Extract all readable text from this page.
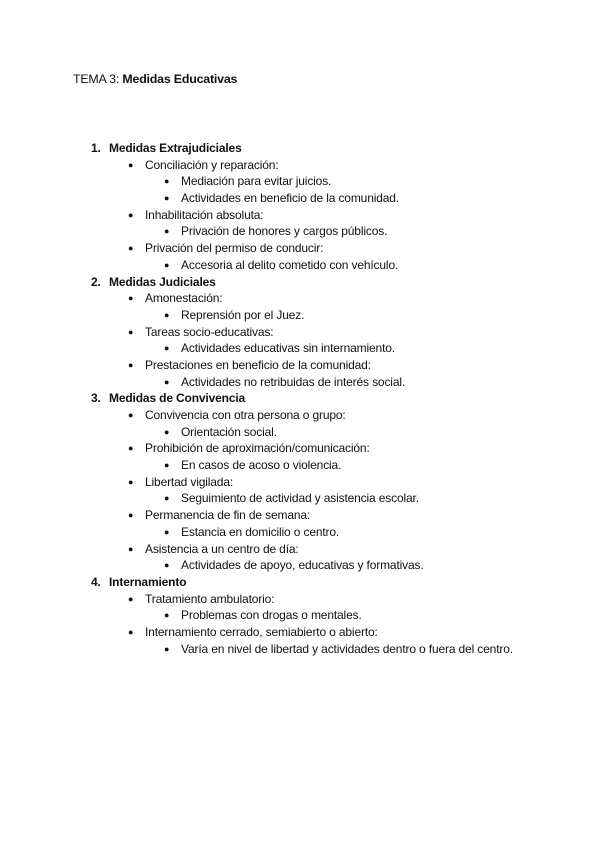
TEMA 3: Medidas Educativas
1. Medidas Extrajudiciales
● Conciliación y reparación:
● Mediación para evitar juicios.
● Actividades en beneficio de la comunidad.
● Inhabilitación absoluta:
● Privación de honores y cargos públicos.
● Privación del permiso de conducir:
● Accesoria al delito cometido con vehículo.
2. Medidas Judiciales
● Amonestación:
● Reprensión por el Juez.
● Tareas socio-educativas:
● Actividades educativas sin internamiento.
● Prestaciones en beneficio de la comunidad:
● Actividades no retribuidas de interés social.
3. Medidas de Convivencia
● Convivencia con otra persona o grupo:
● Orientación social.
● Prohibición de aproximación/comunicación:
● En casos de acoso o violencia.
● Libertad vigilada:
● Seguimiento de actividad y asistencia escolar.
● Permanencia de fin de semana:
● Estancia en domicilio o centro.
● Asistencia a un centro de día:
● Actividades de apoyo, educativas y formativas.
4. Internamiento
● Tratamiento ambulatorio:
● Problemas con drogas o mentales.
● Internamiento cerrado, semiabierto o abierto:
● Varía en nivel de libertad y actividades dentro o fuera del centro.
